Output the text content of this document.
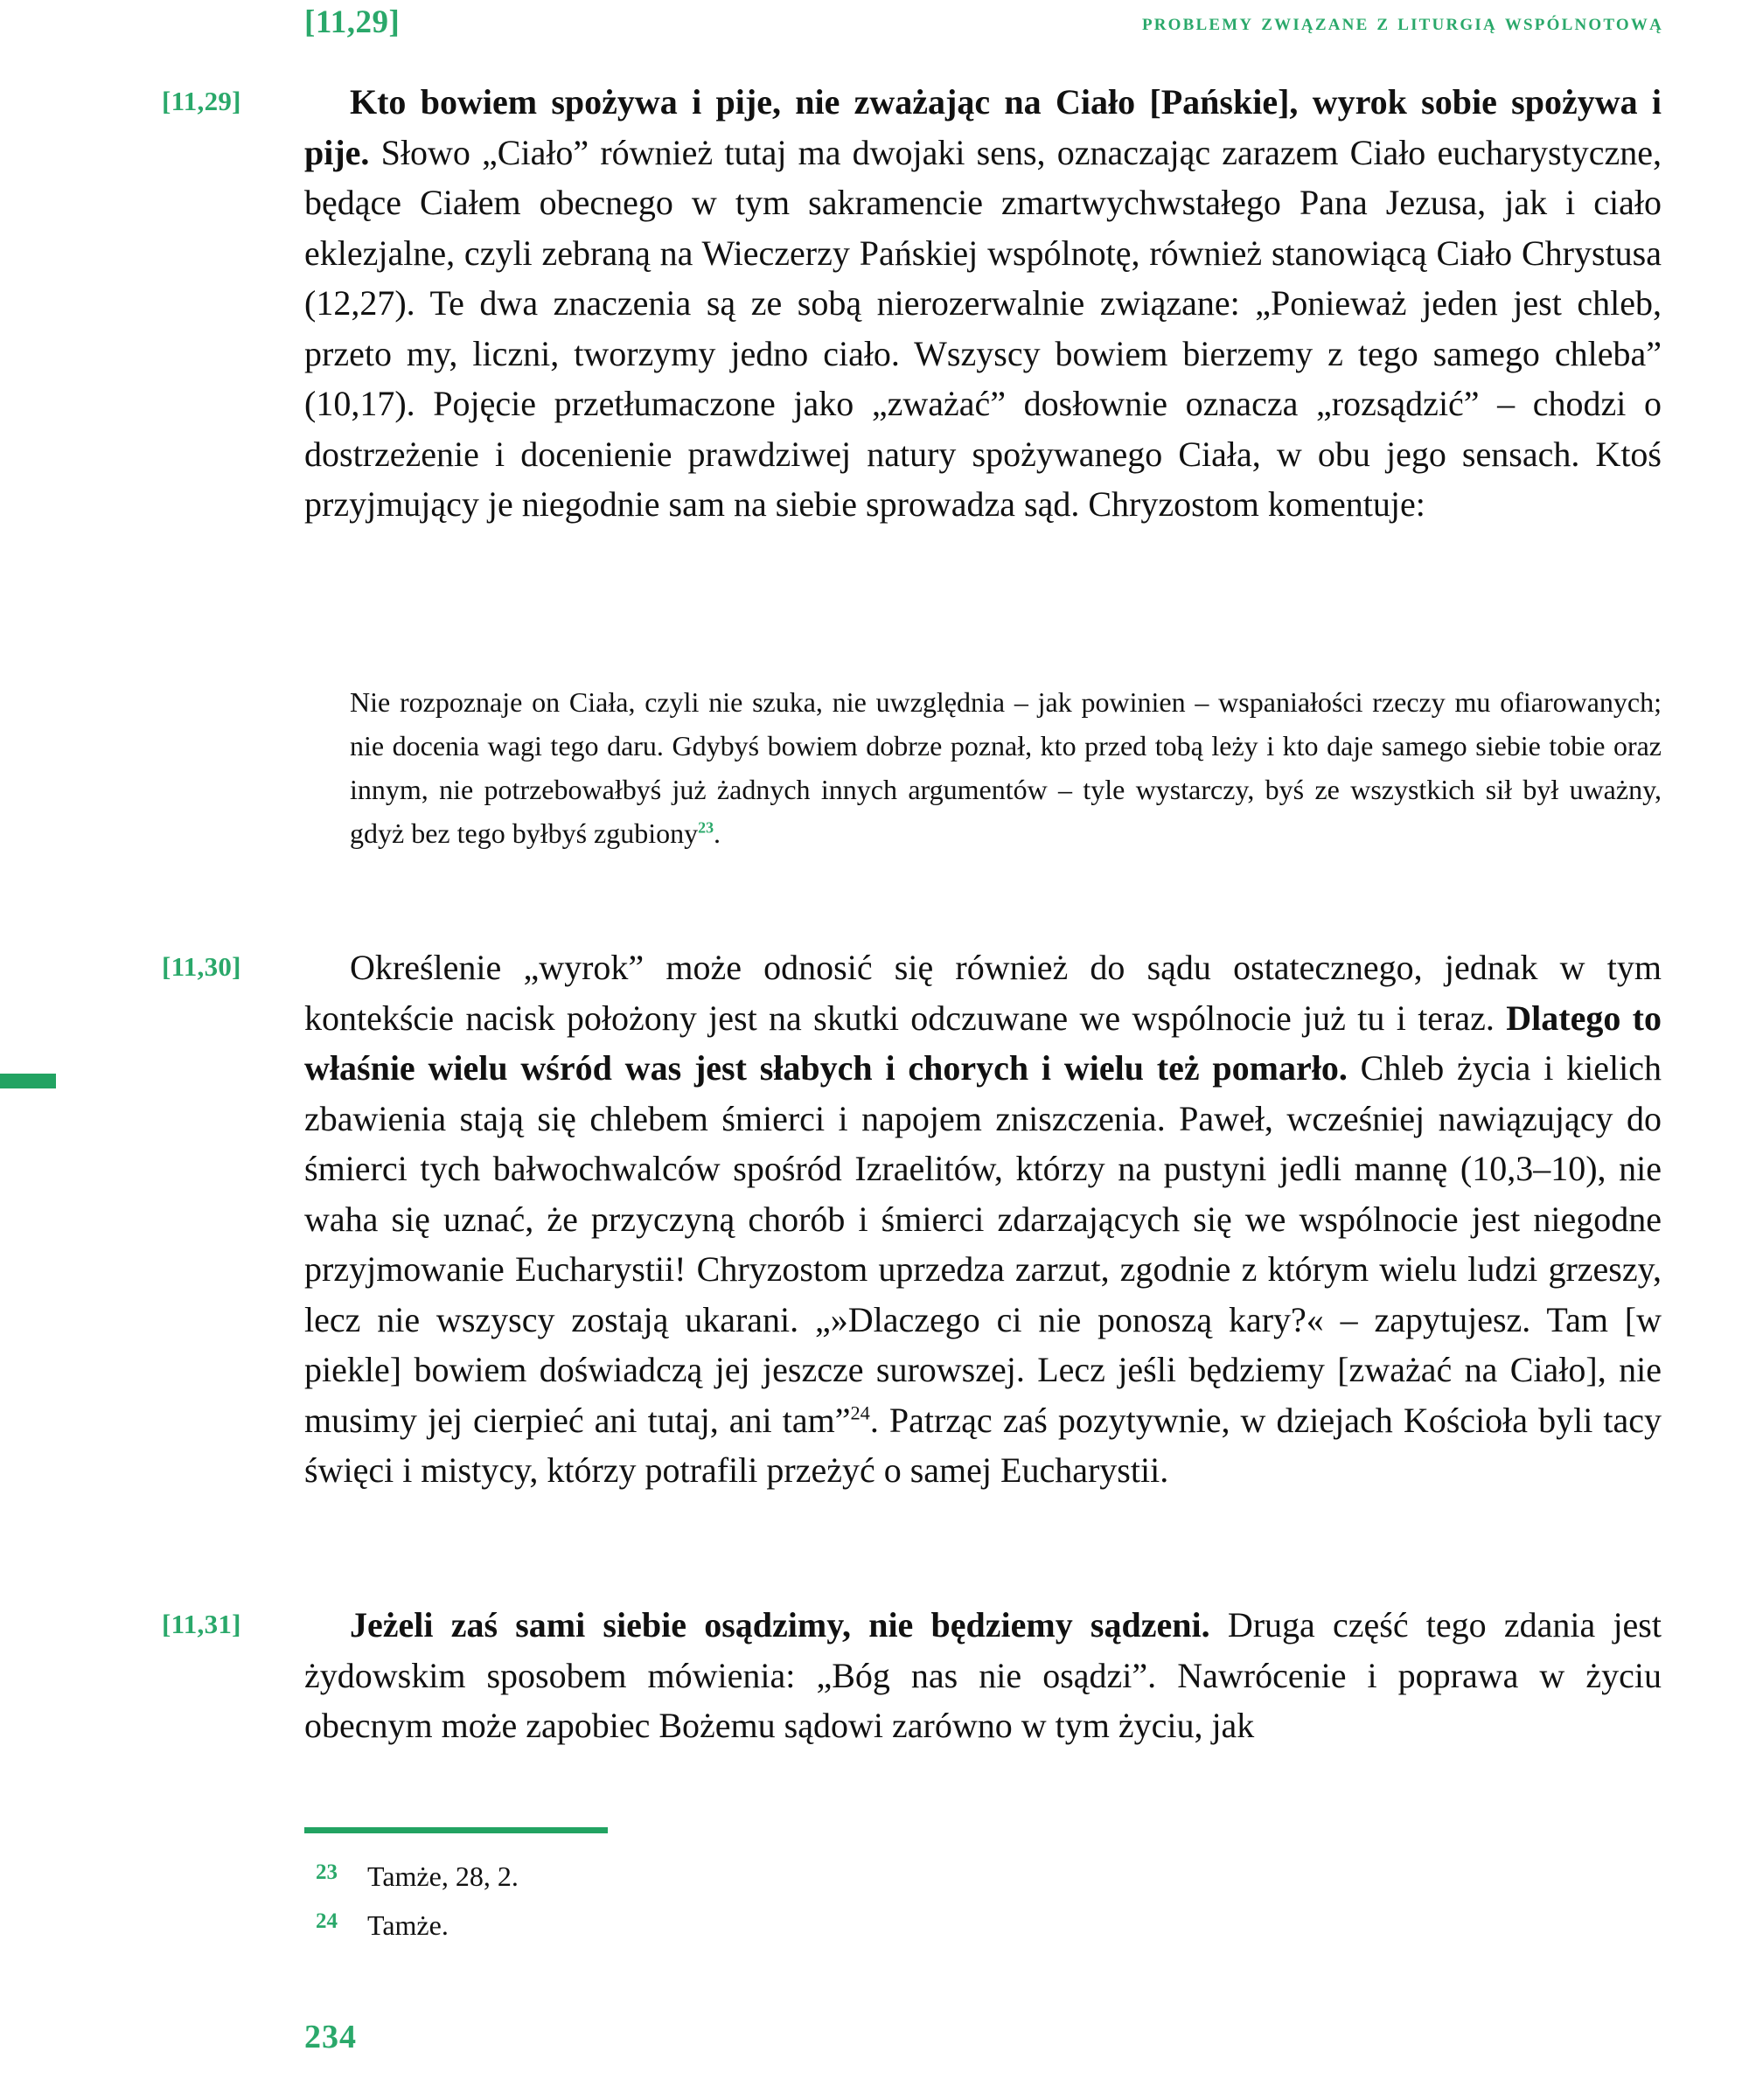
[11,29]	problemy związane z liturgią wspólnotową
[11,29]	Kto bowiem spożywa i pije, nie zważając na Ciało [Pańskie], wyrok sobie spożywa i pije. Słowo „Ciało” również tutaj ma dwojaki sens, oznaczając zarazem Ciało eucharystyczne, będące Ciałem obecnego w tym sakramencie zmartwychwstałego Pana Jezusa, jak i ciało eklezjalne, czyli zebraną na Wieczerzy Pańskiej wspólnotę, również stanowiącą Ciało Chrystusa (12,27). Te dwa znaczenia są ze sobą nierozerwalnie związane: „Ponieważ jeden jest chleb, przeto my, liczni, tworzymy jedno ciało. Wszyscy bowiem bierzemy z tego samego chleba” (10,17). Pojęcie przetłumaczone jako „zważać” dosłownie oznacza „rozsądzić” – chodzi o dostrzeżenie i docenienie prawdziwej natury spożywanego Ciała, w obu jego sensach. Ktoś przyjmujący je niegodnie sam na siebie sprowadza sąd. Chryzostom komentuje:

Nie rozpoznaje on Ciała, czyli nie szuka, nie uwzględnia – jak powinien – wspaniałości rzeczy mu ofiarowanych; nie docenia wagi tego daru. Gdybyś bowiem dobrze poznał, kto przed tobą leży i kto daje samego siebie tobie oraz innym, nie potrzebowałbyś już żadnych innych argumentów – tyle wystarczy, byś ze wszystkich sił był uważny, gdyż bez tego byłbyś zgubiony$^{23}$.

[11,30]	Określenie „wyrok” może odnosić się również do sądu ostatecznego, jednak w tym kontekście nacisk położony jest na skutki odczuwane we wspólnocie już tu i teraz. Dlatego to właśnie wielu wśród was jest słabych i chorych i wielu też pomarło. Chleb życia i kielich zbawienia stają się chlebem śmierci i napojem zniszczenia. Paweł, wcześniej nawiązujący do śmierci tych bałwochwalców spośród Izraelitów, którzy na pustyni jedli mannę (10,3–10), nie waha się uznać, że przyczyną chorób i śmierci zdarzających się we wspólnocie jest niegodne przyjmowanie Eucharystii! Chryzostom uprzedza zarzut, zgodnie z którym wielu ludzi grzeszy, lecz nie wszyscy zostają ukarani. „»Dlaczego ci nie ponoszą kary?« – zapytujesz. Tam [w piekle] bowiem doświadczą jej jeszcze surowszej. Lecz jeśli będziemy [zważać na Ciało], nie musimy jej cierpieć ani tutaj, ani tam”$^{24}$. Patrząc zaś pozytywnie, w dziejach Kościoła byli tacy święci i mistycy, którzy potrafili przeżyć o samej Eucharystii.

[11,31]	Jeżeli zaś sami siebie osądzimy, nie będziemy sądzeni. Druga część tego zdania jest żydowskim sposobem mówienia: „Bóg nas nie osądzi”. Nawrócenie i poprawa w życiu obecnym może zapobiec Bożemu sądowi zarówno w tym życiu, jak

23 Tamże, 28, 2.
24 Tamże.
234
